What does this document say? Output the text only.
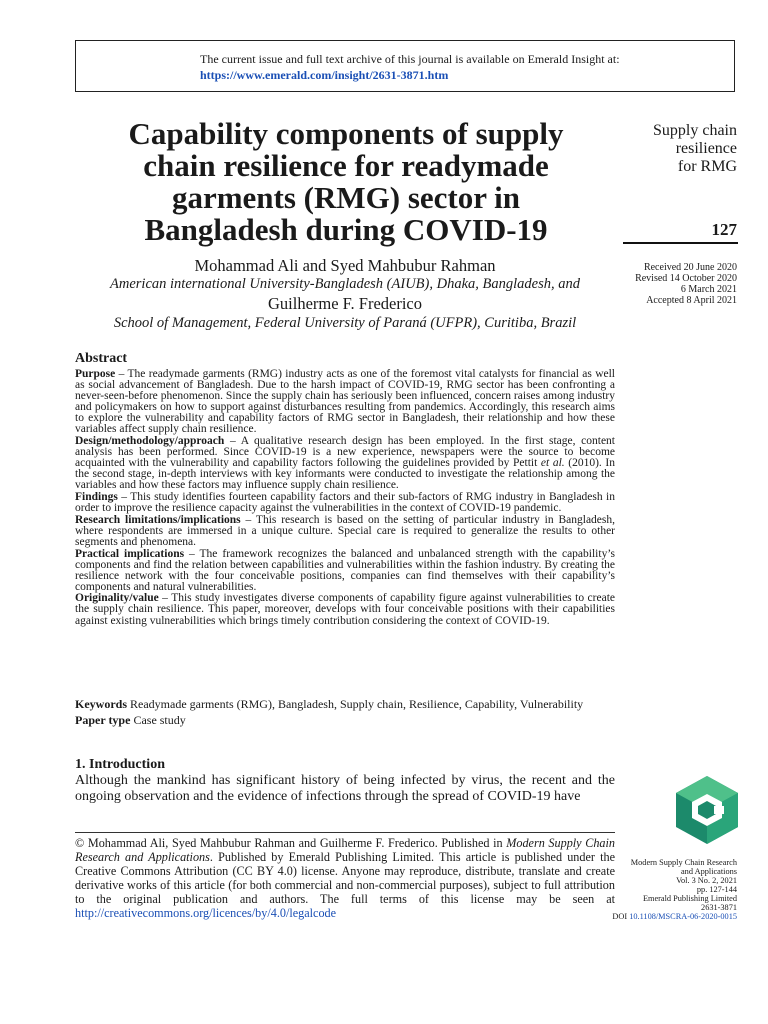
The current issue and full text archive of this journal is available on Emerald Insight at:
https://www.emerald.com/insight/2631-3871.htm
Capability components of supply
chain resilience for readymade
garments (RMG) sector in
Bangladesh during COVID-19
Mohammad Ali and Syed Mahbubur Rahman
American international University-Bangladesh (AIUB), Dhaka, Bangladesh, and
Guilherme F. Frederico
School of Management, Federal University of Paraná (UFPR), Curitiba, Brazil
Supply chain
resilience
for RMG
127
Received 20 June 2020
Revised 14 October 2020
6 March 2021
Accepted 8 April 2021
Abstract

Purpose – The readymade garments (RMG) industry acts as one of the foremost vital catalysts for financial as well as social advancement of Bangladesh. Due to the harsh impact of COVID-19, RMG sector has been confronting a never-seen-before phenomenon. Since the supply chain has seriously been influenced, concern raises among industry and policymakers on how to support against disturbances resulting from pandemics. Accordingly, this research aims to explore the vulnerability and capability factors of RMG sector in Bangladesh, their relationship and how these variables affect supply chain resilience.

Design/methodology/approach – A qualitative research design has been employed. In the first stage, content analysis has been performed. Since COVID-19 is a new experience, newspapers were the source to become acquainted with the vulnerability and capability factors following the guidelines provided by Pettit et al. (2010). In the second stage, in-depth interviews with key informants were conducted to investigate the relationship among the variables and how these factors may influence supply chain resilience.

Findings – This study identifies fourteen capability factors and their sub-factors of RMG industry in Bangladesh in order to improve the resilience capacity against the vulnerabilities in the context of COVID-19 pandemic.

Research limitations/implications – This research is based on the setting of particular industry in Bangladesh, where respondents are immersed in a unique culture. Special care is required to generalize the results to other segments and phenomena.

Practical implications – The framework recognizes the balanced and unbalanced strength with the capability’s components and find the relation between capabilities and vulnerabilities within the fashion industry. By creating the resilience network with the four conceivable positions, companies can find themselves with their capability’s components and natural vulnerabilities.

Originality/value – This study investigates diverse components of capability figure against vulnerabilities to create the supply chain resilience. This paper, moreover, develops with four conceivable positions with their capabilities against existing vulnerabilities which brings timely contribution considering the context of COVID-19.

Keywords Readymade garments (RMG), Bangladesh, Supply chain, Resilience, Capability, Vulnerability
Paper type Case study
1. Introduction
Although the mankind has significant history of being infected by virus, the recent and the ongoing observation and the evidence of infections through the spread of COVID-19 have
© Mohammad Ali, Syed Mahbubur Rahman and Guilherme F. Frederico. Published in Modern Supply Chain Research and Applications. Published by Emerald Publishing Limited. This article is published under the Creative Commons Attribution (CC BY 4.0) license. Anyone may reproduce, distribute, translate and create derivative works of this article (for both commercial and non-commercial purposes), subject to full attribution to the original publication and authors. The full terms of this license may be seen at http://creativecommons.org/licences/by/4.0/legalcode
Modern Supply Chain Research
and Applications
Vol. 3 No. 2, 2021
pp. 127-144
Emerald Publishing Limited
2631-3871
DOI 10.1108/MSCRA-06-2020-0015
